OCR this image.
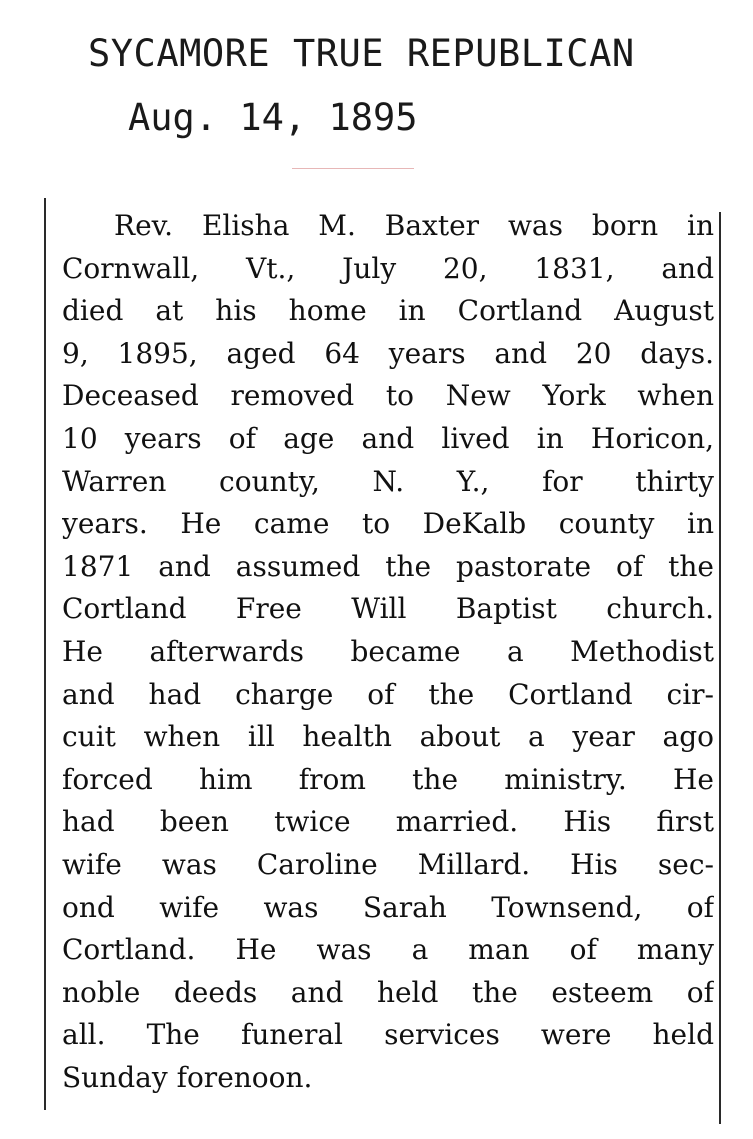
SYCAMORE TRUE REPUBLICAN
Aug. 14, 1895
Rev. Elisha M. Baxter was born in
Cornwall, Vt., July 20, 1831, and
died at his home in Cortland August
9, 1895, aged 64 years and 20 days.
Deceased removed to New York when
10 years of age and lived in Horicon,
Warren county, N. Y., for thirty
years. He came to DeKalb county in
1871 and assumed the pastorate of the
Cortland Free Will Baptist church.
He afterwards became a Methodist
and had charge of the Cortland cir-
cuit when ill health about a year ago
forced him from the ministry. He
had been twice married. His first
wife was Caroline Millard. His sec-
ond wife was Sarah Townsend, of
Cortland. He was a man of many
noble deeds and held the esteem of
all. The funeral services were held
Sunday forenoon.
